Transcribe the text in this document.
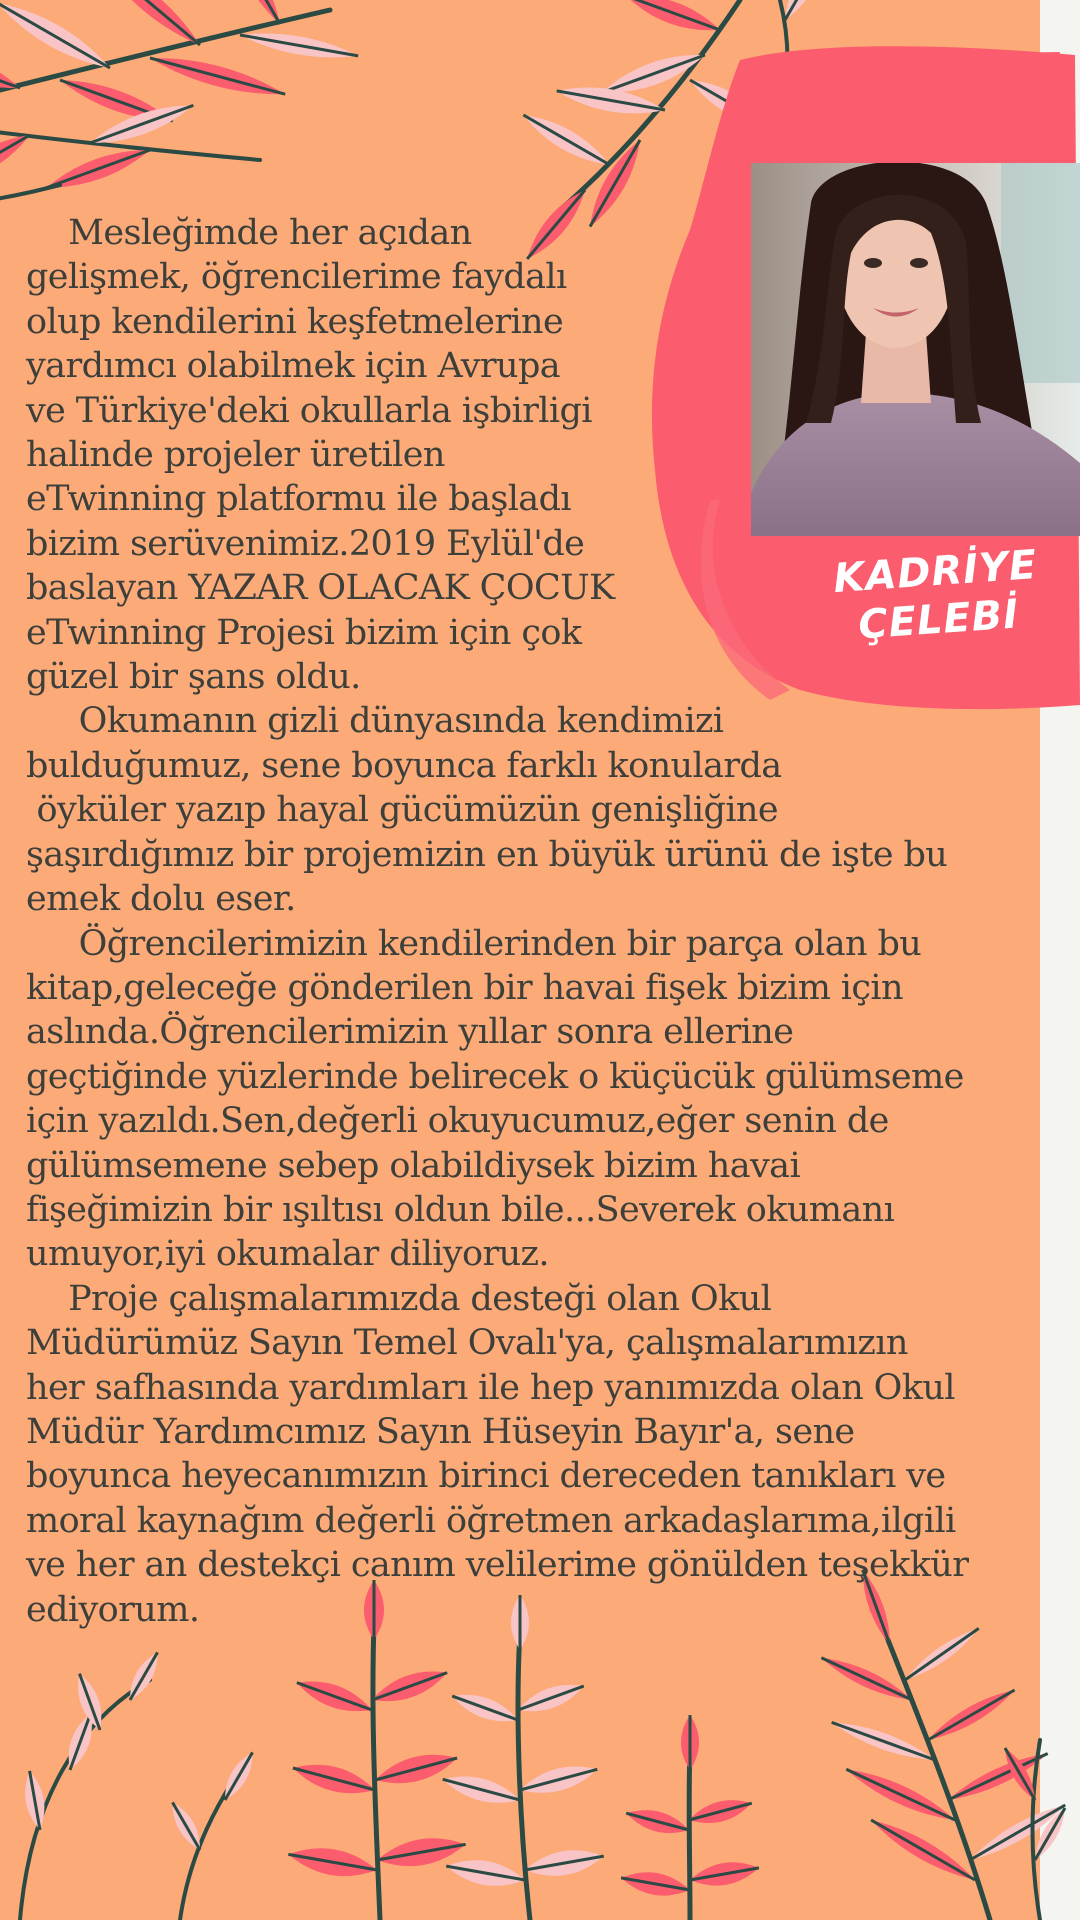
KADRİYE
ÇELEBİ
Mesleğimde her açıdan
gelişmek, öğrencilerime faydalı
olup kendilerini keşfetmelerine
yardımcı olabilmek için Avrupa
ve Türkiye'deki okullarla işbirligi
halinde projeler üretilen
eTwinning platformu ile başladı
bizim serüvenimiz.2019 Eylül'de
baslayan YAZAR OLACAK ÇOCUK
eTwinning Projesi bizim için çok
güzel bir şans oldu.
Okumanın gizli dünyasında kendimizi
bulduğumuz, sene boyunca farklı konularda
öyküler yazıp hayal gücümüzün genişliğine
şaşırdığımız bir projemizin en büyük ürünü de işte bu
emek dolu eser.
Öğrencilerimizin kendilerinden bir parça olan bu
kitap,geleceğe gönderilen bir havai fişek bizim için
aslında.Öğrencilerimizin yıllar sonra ellerine
geçtiğinde yüzlerinde belirecek o küçücük gülümseme
için yazıldı.Sen,değerli okuyucumuz,eğer senin de
gülümsemene sebep olabildiysek bizim havai
fişeğimizin bir ışıltısı oldun bile...Severek okumanı
umuyor,iyi okumalar diliyoruz.
Proje çalışmalarımızda desteği olan Okul
Müdürümüz Sayın Temel Ovalı'ya, çalışmalarımızın
her safhasında yardımları ile hep yanımızda olan Okul
Müdür Yardımcımız Sayın Hüseyin Bayır'a, sene
boyunca heyecanımızın birinci dereceden tanıkları ve
moral kaynağım değerli öğretmen arkadaşlarıma,ilgili
ve her an destekçi canım velilerime gönülden teşekkür
ediyorum.
